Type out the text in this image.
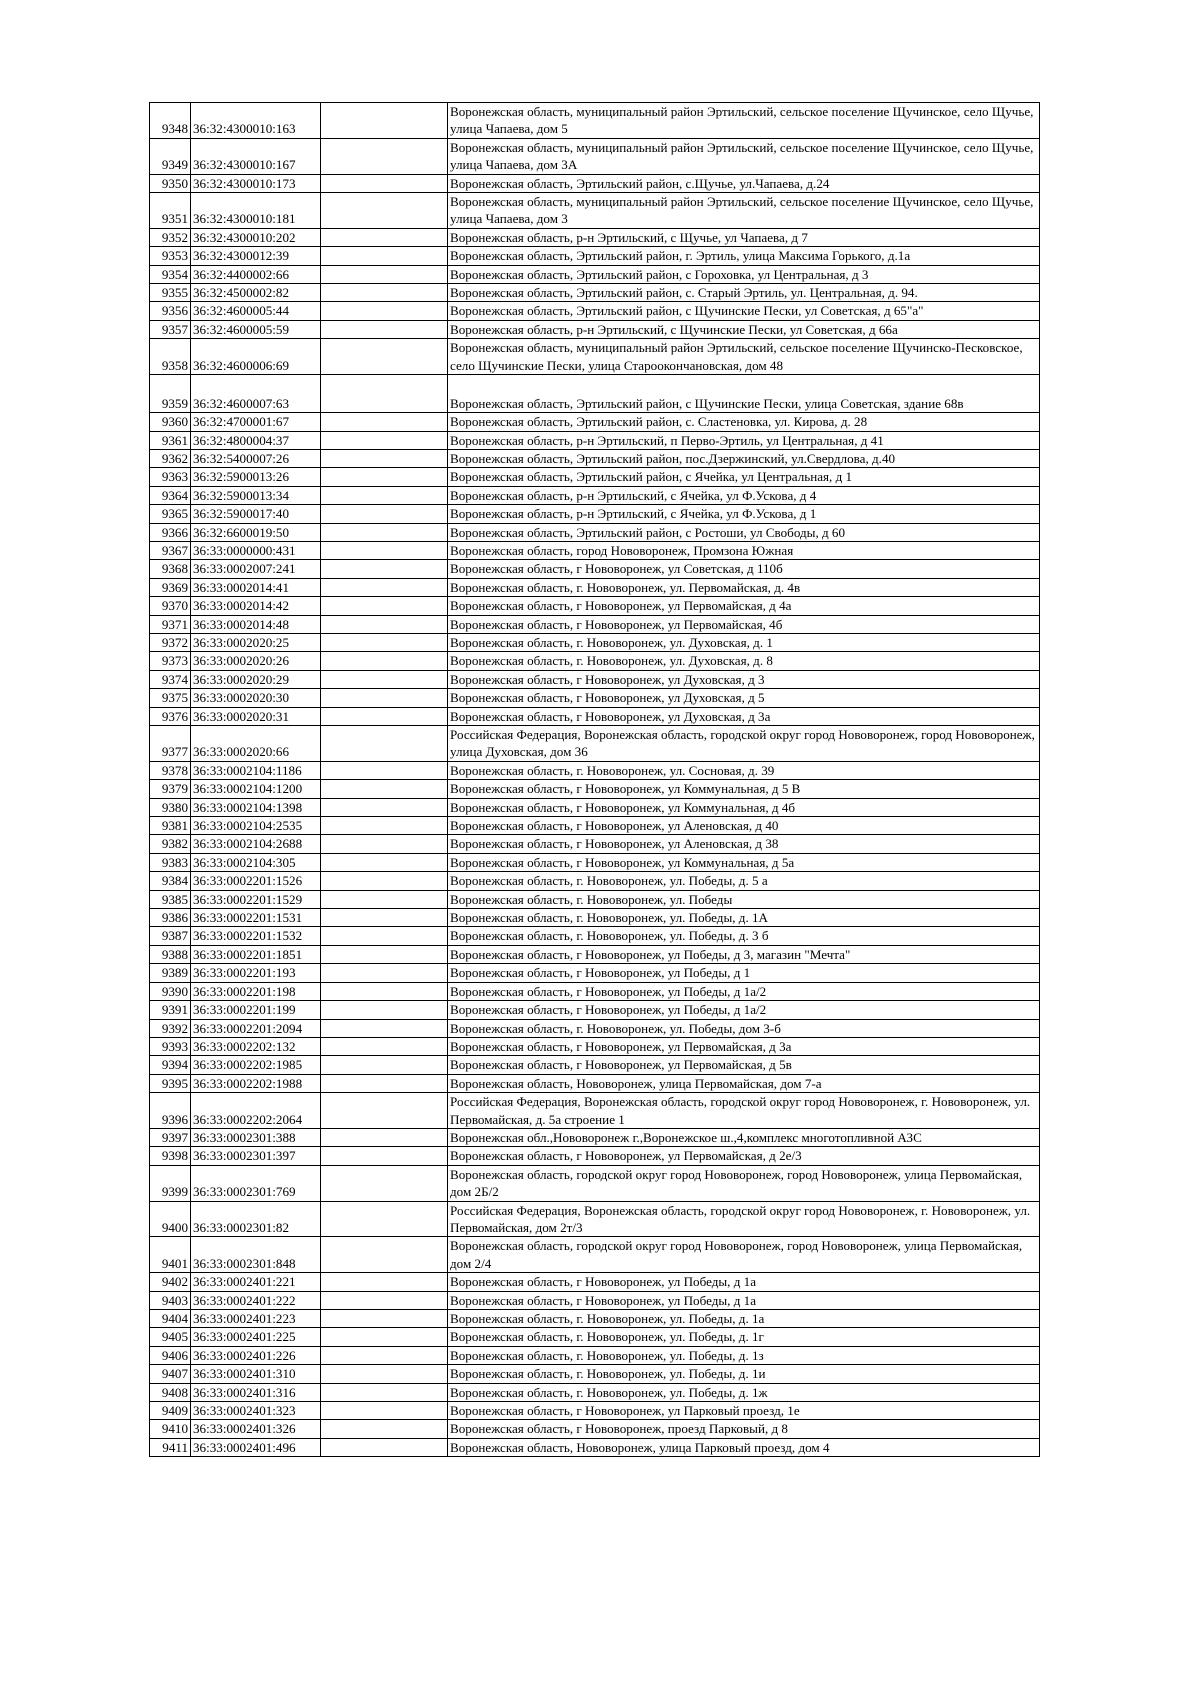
9348	36:32:4300010:163		Воронежская область, муниципальный район Эртильский, сельское поселение Щучинское, село Щучье, улица Чапаева, дом 5
9349	36:32:4300010:167		Воронежская область, муниципальный район Эртильский, сельское поселение Щучинское, село Щучье, улица Чапаева, дом 3А
9350	36:32:4300010:173		Воронежская область, Эртильский район, с.Щучье, ул.Чапаева, д.24
9351	36:32:4300010:181		Воронежская область, муниципальный район Эртильский, сельское поселение Щучинское, село Щучье, улица Чапаева, дом 3
9352	36:32:4300010:202		Воронежская область, р-н Эртильский, с Щучье, ул Чапаева, д 7
9353	36:32:4300012:39		Воронежская область, Эртильский район, г. Эртиль, улица Максима Горького, д.1а
9354	36:32:4400002:66		Воронежская область, Эртильский район, с Гороховка, ул Центральная, д 3
9355	36:32:4500002:82		Воронежская область, Эртильский район, с. Старый Эртиль, ул. Центральная, д. 94.
9356	36:32:4600005:44		Воронежская область, Эртильский район, с Щучинские Пески, ул Советская, д 65"а"
9357	36:32:4600005:59		Воронежская область, р-н Эртильский, с Щучинские Пески, ул Советская, д 66а
9358	36:32:4600006:69		Воронежская область, муниципальный район Эртильский, сельское поселение Щучинско-Песковское, село Щучинские Пески, улица Староокончановская, дом 48
9359	36:32:4600007:63		Воронежская область, Эртильский район, с Щучинские Пески, улица Советская, здание 68в
9360	36:32:4700001:67		Воронежская область, Эртильский район, с. Сластеновка, ул. Кирова, д. 28
9361	36:32:4800004:37		Воронежская область, р-н Эртильский, п Перво-Эртиль, ул Центральная, д 41
9362	36:32:5400007:26		Воронежская область, Эртильский район, пос.Дзержинский, ул.Свердлова, д.40
9363	36:32:5900013:26		Воронежская область, Эртильский район, с Ячейка, ул Центральная, д 1
9364	36:32:5900013:34		Воронежская область, р-н Эртильский, с Ячейка, ул Ф.Ускова, д 4
9365	36:32:5900017:40		Воронежская область, р-н Эртильский, с Ячейка, ул Ф.Ускова, д 1
9366	36:32:6600019:50		Воронежская область, Эртильский район, с Ростоши, ул Свободы, д 60
9367	36:33:0000000:431		Воронежская область, город Нововоронеж, Промзона Южная
9368	36:33:0002007:241		Воронежская область, г Нововоронеж, ул Советская, д 110б
9369	36:33:0002014:41		Воронежская область, г. Нововоронеж, ул. Первомайская, д. 4в
9370	36:33:0002014:42		Воронежская область, г Нововоронеж, ул Первомайская, д 4а
9371	36:33:0002014:48		Воронежская область, г Нововоронеж, ул Первомайская, 4б
9372	36:33:0002020:25		Воронежская область, г. Нововоронеж, ул. Духовская, д. 1
9373	36:33:0002020:26		Воронежская область, г. Нововоронеж, ул. Духовская, д. 8
9374	36:33:0002020:29		Воронежская область, г Нововоронеж, ул Духовская, д 3
9375	36:33:0002020:30		Воронежская область, г Нововоронеж, ул Духовская, д 5
9376	36:33:0002020:31		Воронежская область, г Нововоронеж, ул Духовская, д 3а
9377	36:33:0002020:66		Российская Федерация, Воронежская область, городской округ город Нововоронеж, город Нововоронеж, улица Духовская, дом 36
9378	36:33:0002104:1186		Воронежская область, г. Нововоронеж, ул. Сосновая, д. 39
9379	36:33:0002104:1200		Воронежская область, г Нововоронеж, ул Коммунальная, д 5 В
9380	36:33:0002104:1398		Воронежская область, г Нововоронеж, ул Коммунальная, д 4б
9381	36:33:0002104:2535		Воронежская область, г Нововоронеж, ул Аленовская, д 40
9382	36:33:0002104:2688		Воронежская область, г Нововоронеж, ул Аленовская, д 38
9383	36:33:0002104:305		Воронежская область, г Нововоронеж, ул Коммунальная, д 5а
9384	36:33:0002201:1526		Воронежская область, г. Нововоронеж, ул. Победы, д. 5 а
9385	36:33:0002201:1529		Воронежская область, г. Нововоронеж, ул. Победы
9386	36:33:0002201:1531		Воронежская область, г. Нововоронеж, ул. Победы, д. 1А
9387	36:33:0002201:1532		Воронежская область, г. Нововоронеж, ул. Победы, д. 3 б
9388	36:33:0002201:1851		Воронежская область, г Нововоронеж, ул Победы, д 3, магазин "Мечта"
9389	36:33:0002201:193		Воронежская область, г Нововоронеж, ул Победы, д 1
9390	36:33:0002201:198		Воронежская область, г Нововоронеж, ул Победы, д 1а/2
9391	36:33:0002201:199		Воронежская область, г Нововоронеж, ул Победы, д 1а/2
9392	36:33:0002201:2094		Воронежская область, г. Нововоронеж, ул. Победы, дом 3-б
9393	36:33:0002202:132		Воронежская область, г Нововоронеж, ул Первомайская, д 3а
9394	36:33:0002202:1985		Воронежская область, г Нововоронеж, ул Первомайская, д 5в
9395	36:33:0002202:1988		Воронежская область, Нововоронеж, улица Первомайская, дом 7-а
9396	36:33:0002202:2064		Российская Федерация, Воронежская область, городской округ город Нововоронеж, г. Нововоронеж, ул. Первомайская, д. 5а строение 1
9397	36:33:0002301:388		Воронежская обл.,Нововоронеж г.,Воронежское ш.,4,комплекс многотопливной АЗС
9398	36:33:0002301:397		Воронежская область, г Нововоронеж, ул Первомайская, д 2е/3
9399	36:33:0002301:769		Воронежская область, городской округ город Нововоронеж, город Нововоронеж, улица Первомайская, дом 2Б/2
9400	36:33:0002301:82		Российская Федерация, Воронежская область, городской округ город Нововоронеж, г. Нововоронеж, ул. Первомайская, дом 2т/3
9401	36:33:0002301:848		Воронежская область, городской округ город Нововоронеж, город Нововоронеж, улица Первомайская, дом 2/4
9402	36:33:0002401:221		Воронежская область, г Нововоронеж, ул Победы, д 1а
9403	36:33:0002401:222		Воронежская область, г Нововоронеж, ул Победы, д 1а
9404	36:33:0002401:223		Воронежская область, г. Нововоронеж, ул. Победы, д. 1а
9405	36:33:0002401:225		Воронежская область, г. Нововоронеж, ул. Победы, д. 1г
9406	36:33:0002401:226		Воронежская область, г. Нововоронеж, ул. Победы, д. 1з
9407	36:33:0002401:310		Воронежская область, г. Нововоронеж, ул. Победы, д. 1и
9408	36:33:0002401:316		Воронежская область, г. Нововоронеж, ул. Победы, д. 1ж
9409	36:33:0002401:323		Воронежская область, г Нововоронеж, ул Парковый проезд, 1е
9410	36:33:0002401:326		Воронежская область, г Нововоронеж, проезд Парковый, д 8
9411	36:33:0002401:496		Воронежская область, Нововоронеж, улица Парковый проезд, дом 4
